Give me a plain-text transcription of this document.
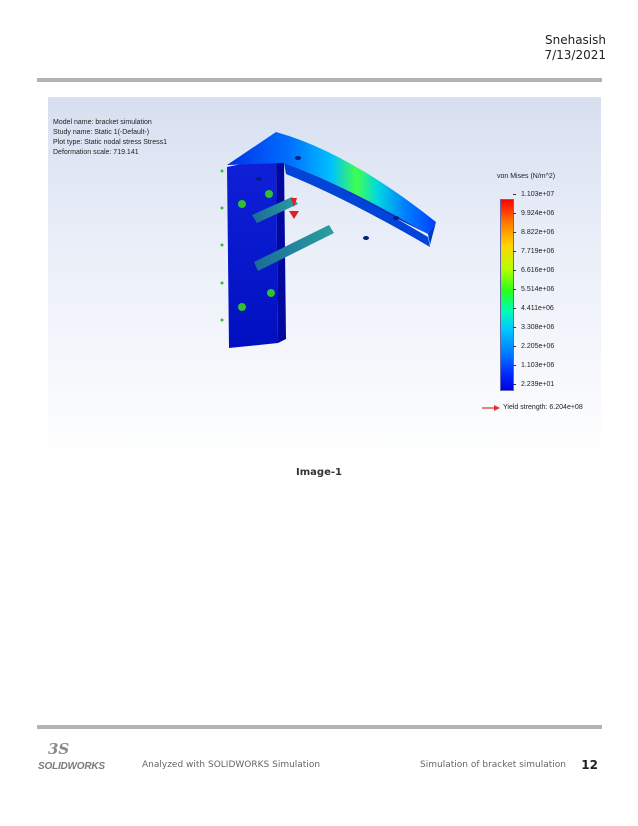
Snehasish
7/13/2021
Model name: bracket simulation
Study name: Static 1(-Default-)
Plot type: Static nodal stress Stress1
Deformation scale: 719.141
von Mises (N/m^2)
1.103e+07
9.924e+06
8.822e+06
7.719e+06
6.616e+06
5.514e+06
4.411e+06
3.308e+06
2.205e+06
1.103e+06
2.239e+01
Yield strength: 6.204e+08
Image-1
3S
SOLIDWORKS	Analyzed with SOLIDWORKS Simulation	Simulation of bracket simulation 12
